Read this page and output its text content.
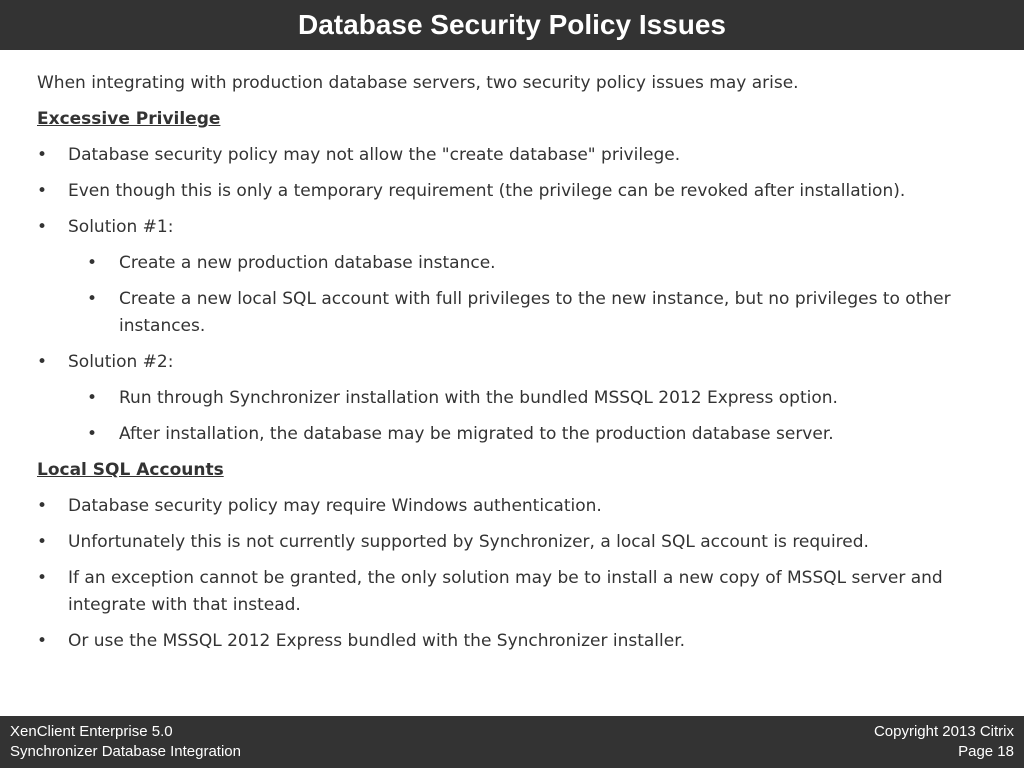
Database Security Policy Issues

When integrating with production database servers, two security policy issues may arise.

Excessive Privilege

• Database security policy may not allow the "create database" privilege.
• Even though this is only a temporary requirement (the privilege can be revoked after installation).
• Solution #1:
• Create a new production database instance.
• Create a new local SQL account with full privileges to the new instance, but no privileges to other instances.
• Solution #2:
• Run through Synchronizer installation with the bundled MSSQL 2012 Express option.
• After installation, the database may be migrated to the production database server.

Local SQL Accounts

• Database security policy may require Windows authentication.
• Unfortunately this is not currently supported by Synchronizer, a local SQL account is required.
• If an exception cannot be granted, the only solution may be to install a new copy of MSSQL server and integrate with that instead.
• Or use the MSSQL 2012 Express bundled with the Synchronizer installer.
XenClient Enterprise 5.0
Synchronizer Database Integration
Copyright 2013 Citrix
Page 18
